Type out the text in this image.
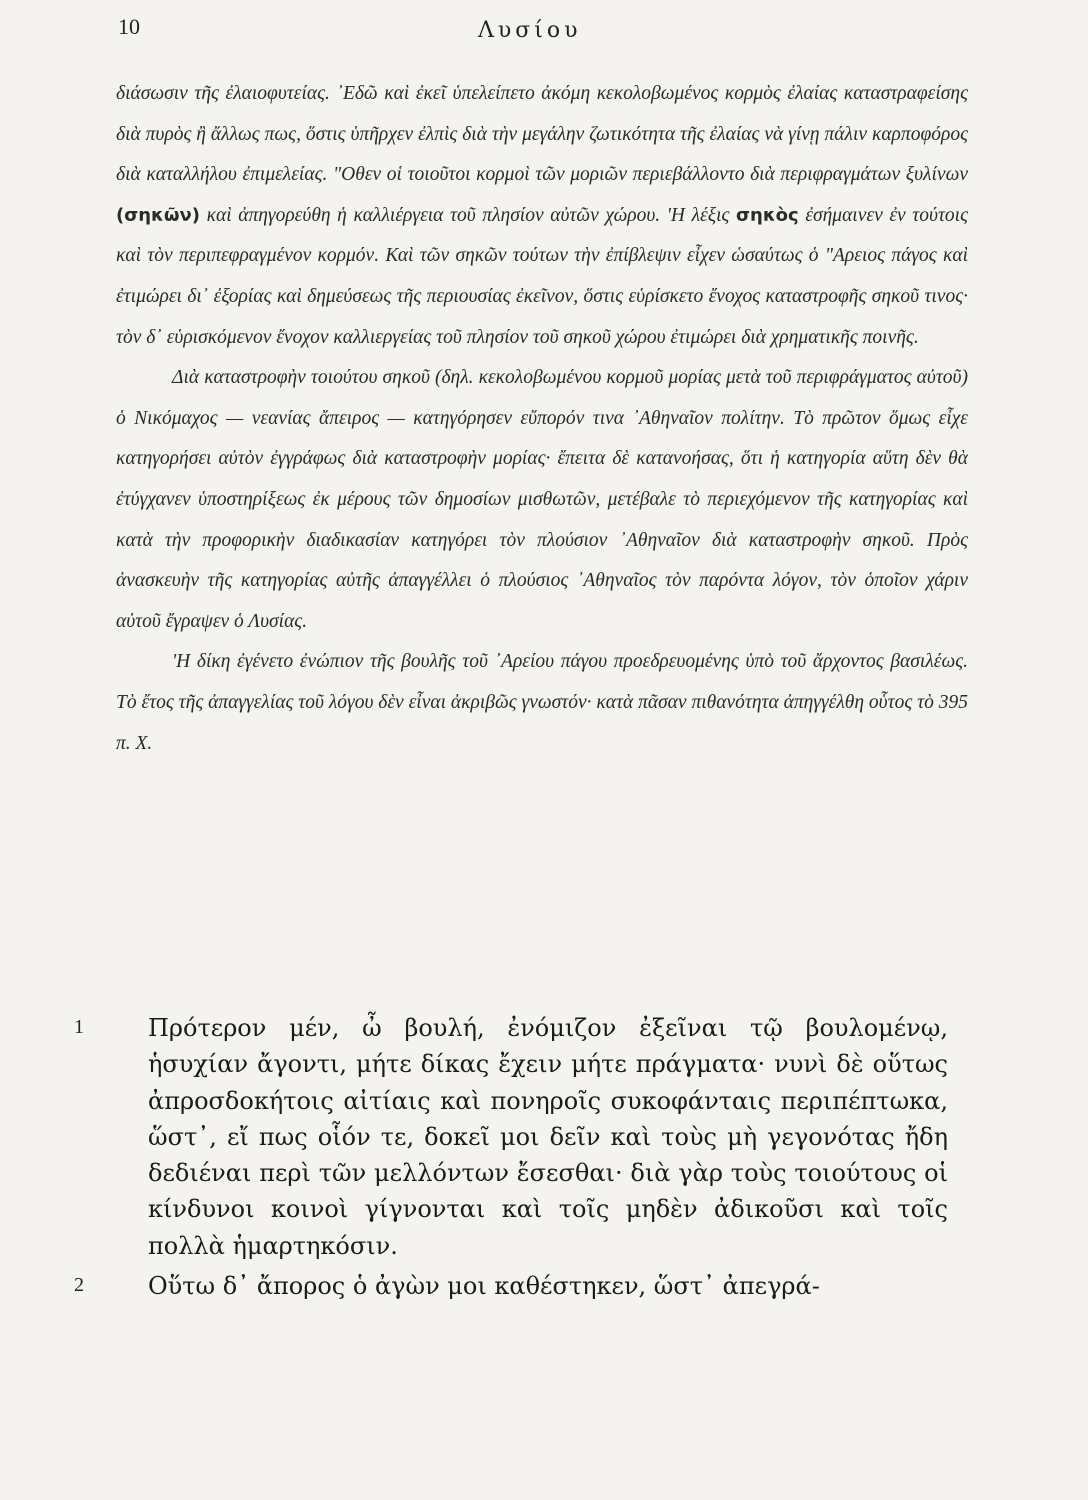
10	Λυσίου

διάσωσιν τῆς ἐλαιοφυτείας. ᾿Εδῶ καὶ ἐκεῖ ὑπελείπετο ἀκόμη κεκολοβωμένος κορμὸς ἐλαίας καταστραφείσης διὰ πυρὸς ἢ ἄλλως πως, ὅστις ὑπῆρχεν ἐλπὶς διὰ τὴν μεγάλην ζωτικότητα τῆς ἐλαίας νὰ γίνῃ πάλιν καρποφόρος διὰ καταλλήλου ἐπιμελείας. "Οθεν οἱ τοιοῦτοι κορμοὶ τῶν μοριῶν περιεβάλλοντο διὰ περιφραγμάτων ξυλίνων (σηκῶν) καὶ ἀπηγορεύθη ἡ καλλιέργεια τοῦ πλησίον αὐτῶν χώρου. 'Η λέξις σηκὸς ἐσήμαινεν ἐν τούτοις καὶ τὸν περιπεφραγμένον κορμόν. Καὶ τῶν σηκῶν τούτων τὴν ἐπίβλεψιν εἶχεν ὡσαύτως ὁ "Αρειος πάγος καὶ ἐτιμώρει δι᾿ ἐξορίας καὶ δημεύσεως τῆς περιουσίας ἐκεῖνον, ὅστις εὑρίσκετο ἔνοχος καταστροφῆς σηκοῦ τινος· τὸν δ᾿ εὑρισκόμενον ἔνοχον καλλιεργείας τοῦ πλησίον τοῦ σηκοῦ χώρου ἐτιμώρει διὰ χρηματικῆς ποινῆς.

Διὰ καταστροφὴν τοιούτου σηκοῦ (δηλ. κεκολοβωμένου κορμοῦ μορίας μετὰ τοῦ περιφράγματος αὐτοῦ) ὁ Νικόμαχος — νεανίας ἄπειρος — κατηγόρησεν εὔπορόν τινα ᾿Αθηναῖον πολίτην. Τὸ πρῶτον ὅμως εἶχε κατηγορήσει αὐτὸν ἐγγράφως διὰ καταστροφὴν μορίας· ἔπειτα δὲ κατανοήσας, ὅτι ἡ κατηγορία αὕτη δὲν θὰ ἐτύγχανεν ὑποστηρίξεως ἐκ μέρους τῶν δημοσίων μισθωτῶν, μετέβαλε τὸ περιεχόμενον τῆς κατηγορίας καὶ κατὰ τὴν προφορικὴν διαδικασίαν κατηγόρει τὸν πλούσιον ᾿Αθηναῖον διὰ καταστροφὴν σηκοῦ. Πρὸς ἀνασκευὴν τῆς κατηγορίας αὐτῆς ἀπαγγέλλει ὁ πλούσιος ᾿Αθηναῖος τὸν παρόντα λόγον, τὸν ὁποῖον χάριν αὐτοῦ ἔγραψεν ὁ Λυσίας.

'Η δίκη ἐγένετο ἐνώπιον τῆς βουλῆς τοῦ ᾿Αρείου πάγου προεδρευομένης ὑπὸ τοῦ ἄρχοντος βασιλέως. Τὸ ἔτος τῆς ἀπαγγελίας τοῦ λόγου δὲν εἶναι ἀκριβῶς γνωστόν· κατὰ πᾶσαν πιθανότητα ἀπηγγέλθη οὗτος τὸ 395 π. Χ.

1	Πρότερον μέν, ὦ βουλή, ἐνόμιζον ἐξεῖναι τῷ βουλομένῳ, ἡσυχίαν ἄγοντι, μήτε δίκας ἔχειν μήτε πράγματα· νυνὶ δὲ οὕτως ἀπροσδοκήτοις αἰτίαις καὶ πονηροῖς συκοφάνταις περιπέπτωκα, ὥστ᾿, εἴ πως οἷόν τε, δοκεῖ μοι δεῖν καὶ τοὺς μὴ γεγονότας ἤδη δεδιέναι περὶ τῶν μελλόντων ἔσεσθαι· διὰ γὰρ τοὺς τοιούτους οἱ κίνδυνοι κοινοὶ γίγνονται καὶ τοῖς μηδὲν ἀδικοῦσι καὶ τοῖς πολλὰ ἡμαρτηκόσιν.

2	Οὕτω δ᾿ ἄπορος ὁ ἀγὼν μοι καθέστηκεν, ὥστ᾿ ἀπεγρά-
